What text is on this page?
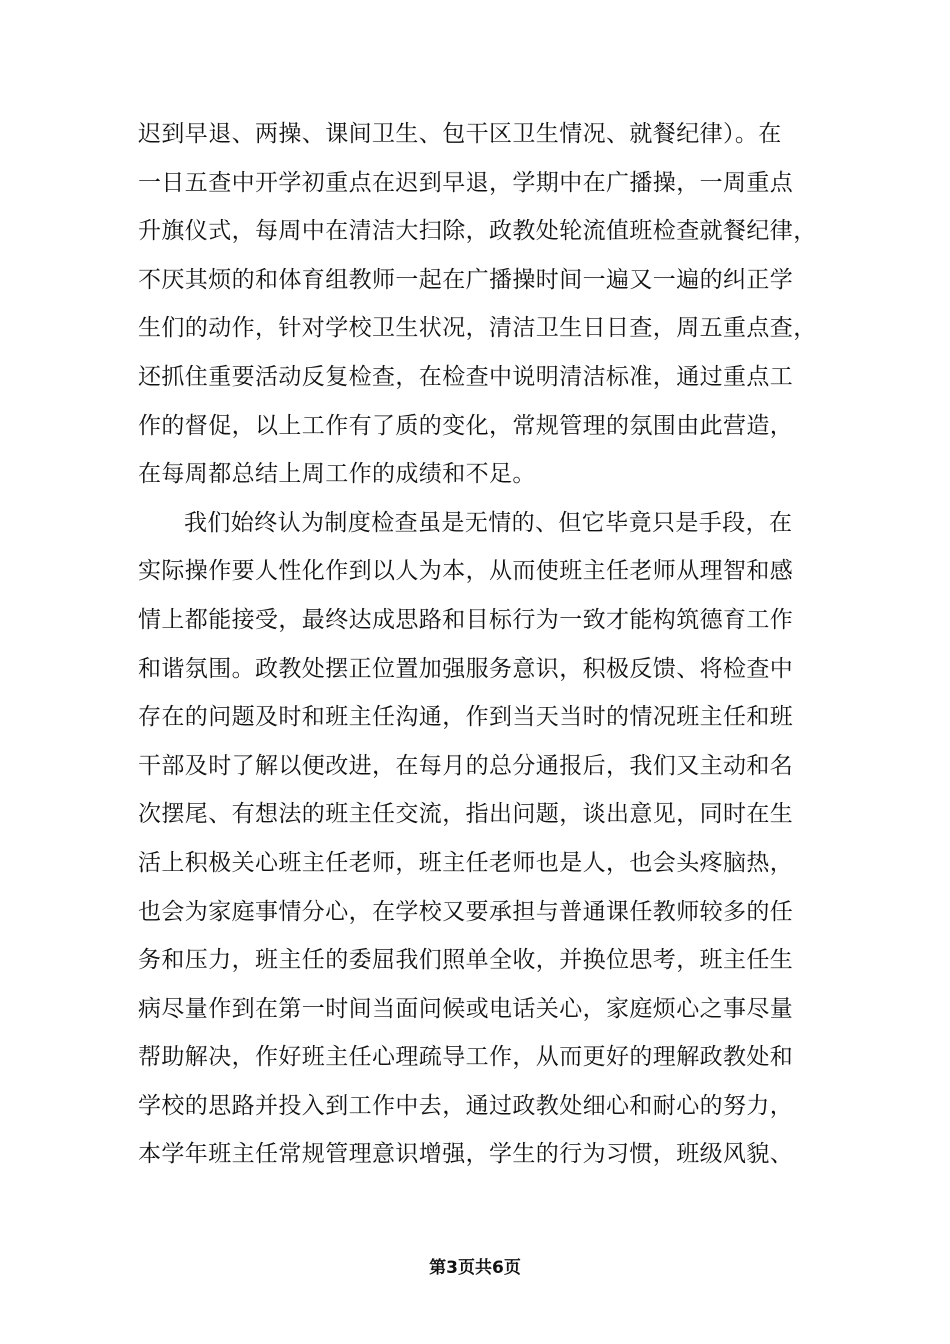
迟到早退、两操、课间卫生、包干区卫生情况、就餐纪律）。在
一日五查中开学初重点在迟到早退，学期中在广播操，一周重点
升旗仪式，每周中在清洁大扫除，政教处轮流值班检查就餐纪律，
不厌其烦的和体育组教师一起在广播操时间一遍又一遍的纠正学
生们的动作，针对学校卫生状况，清洁卫生日日查，周五重点查，
还抓住重要活动反复检查，在检查中说明清洁标准，通过重点工
作的督促，以上工作有了质的变化，常规管理的氛围由此营造，
在每周都总结上周工作的成绩和不足。
我们始终认为制度检查虽是无情的、但它毕竟只是手段，在
实际操作要人性化作到以人为本，从而使班主任老师从理智和感
情上都能接受，最终达成思路和目标行为一致才能构筑德育工作
和谐氛围。政教处摆正位置加强服务意识，积极反馈、将检查中
存在的问题及时和班主任沟通，作到当天当时的情况班主任和班
干部及时了解以便改进，在每月的总分通报后，我们又主动和名
次摆尾、有想法的班主任交流，指出问题，谈出意见，同时在生
活上积极关心班主任老师，班主任老师也是人，也会头疼脑热，
也会为家庭事情分心，在学校又要承担与普通课任教师较多的任
务和压力，班主任的委屈我们照单全收，并换位思考，班主任生
病尽量作到在第一时间当面问候或电话关心，家庭烦心之事尽量
帮助解决，作好班主任心理疏导工作，从而更好的理解政教处和
学校的思路并投入到工作中去，通过政教处细心和耐心的努力，
本学年班主任常规管理意识增强，学生的行为习惯，班级风貌、
第3页共6页
